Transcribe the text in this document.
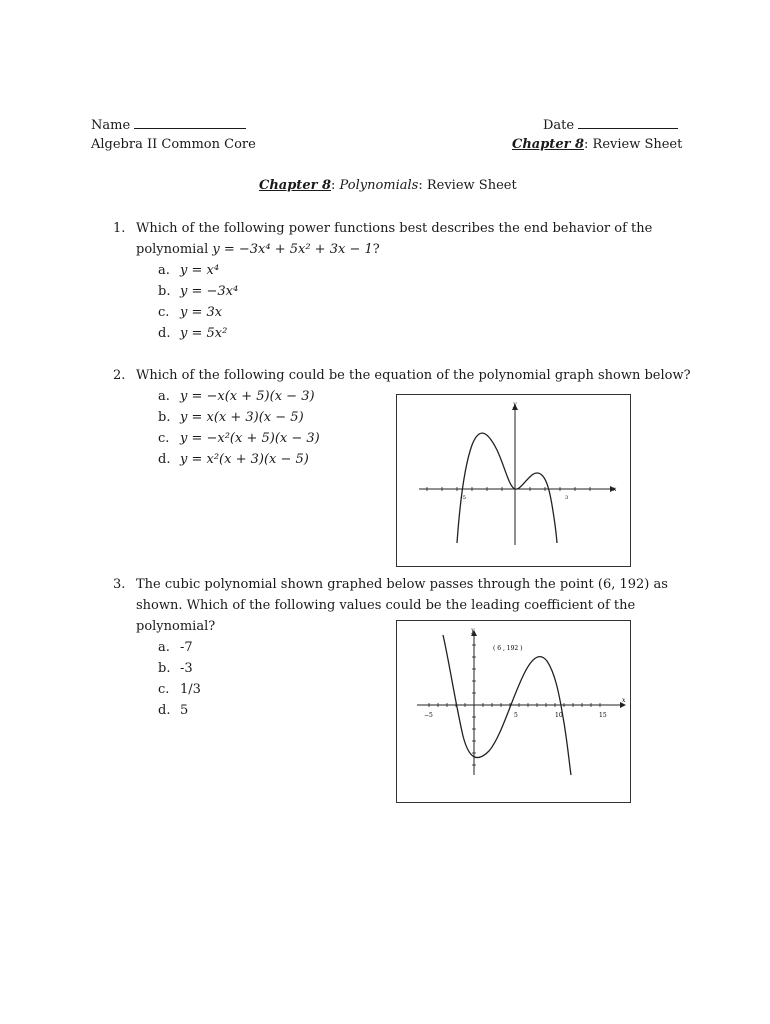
Name	Date
Algebra II Common Core	Chapter 8: Review Sheet
Chapter 8: Polynomials: Review Sheet
1. Which of the following power functions best describes the end behavior of the
polynomial y = −3x⁴ + 5x² + 3x − 1?
a. y = x⁴
b. y = −3x⁴
c. y = 3x
d. y = 5x²
2. Which of the following could be the equation of the polynomial graph shown below?
a. y = −x(x + 5)(x − 3)
b. y = x(x + 3)(x − 5)
c. y = −x²(x + 5)(x − 3)
d. y = x²(x + 3)(x − 5)
-5	3
x
y
3. The cubic polynomial shown graphed below passes through the point (6, 192) as
shown. Which of the following values could be the leading coefficient of the
polynomial?
a. -7
b. -3
c. 1/3
d. 5	−5	5	10	15
x
y
( 6 , 192 )
